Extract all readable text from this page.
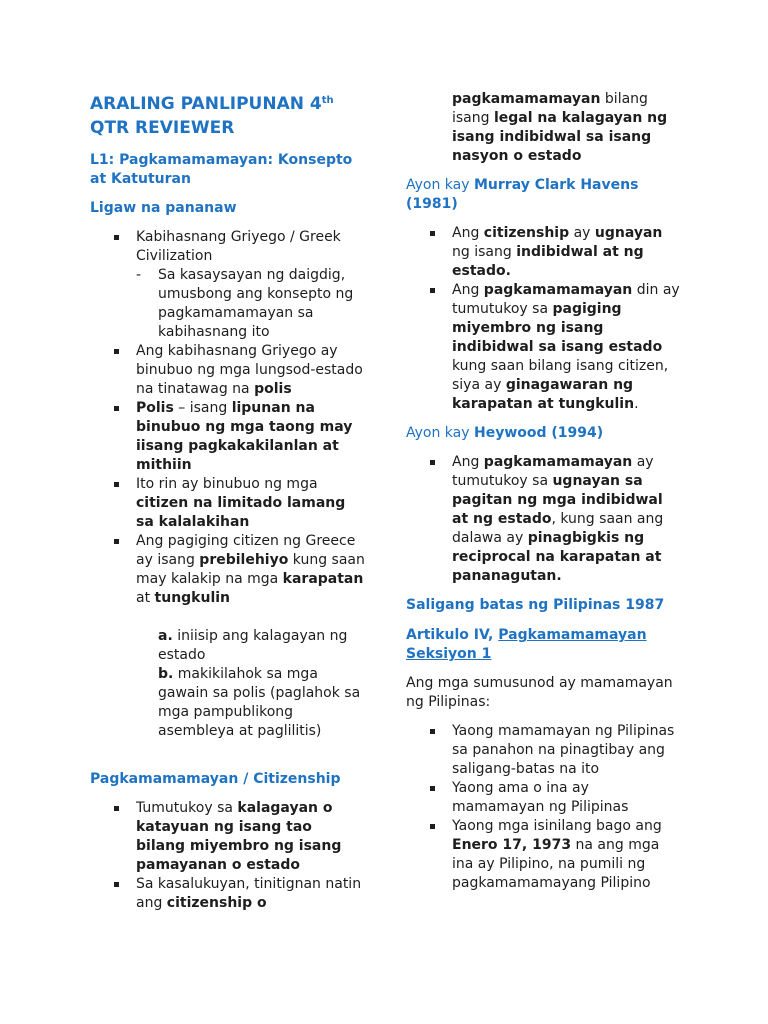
ARALING PANLIPUNAN 4th
QTR REVIEWER
L1: Pagkamamamayan: Konsepto
at Katuturan
Ligaw na pananaw
Kabihasnang Griyego / Greek
Civilization
- Sa kasaysayan ng daigdig,
umusbong ang konsepto ng
pagkamamamayan sa
kabihasnang ito
Ang kabihasnang Griyego ay
binubuo ng mga lungsod-estado
na tinatawag na polis
Polis – isang lipunan na
binubuo ng mga taong may
iisang pagkakakilanlan at
mithiin
Ito rin ay binubuo ng mga
citizen na limitado lamang
sa kalalakihan
Ang pagiging citizen ng Greece
ay isang prebilehiyo kung saan
may kalakip na mga karapatan
at tungkulin

a. iniisip ang kalagayan ng
estado

b. makikilahok sa mga
gawain sa polis (paglahok sa
mga pampublikong
asembleya at paglilitis)

Pagkamamamayan / Citizenship
Tumutukoy sa kalagayan o
katayuan ng isang tao
bilang miyembro ng isang
pamayanan o estado
Sa kasalukuyan, tinitignan natin
ang citizenship o

pagkamamamayan bilang
isang legal na kalagayan ng
isang indibidwal sa isang
nasyon o estado

Ayon kay Murray Clark Havens
(1981)

Ang citizenship ay ugnayan
ng isang indibidwal at ng
estado.
Ang pagkamamamayan din ay
tumutukoy sa pagiging
miyembro ng isang
indibidwal sa isang estado
kung saan bilang isang citizen,
siya ay ginagawaran ng
karapatan at tungkulin.

Ayon kay Heywood (1994)

Ang pagkamamamayan ay
tumutukoy sa ugnayan sa
pagitan ng mga indibidwal
at ng estado, kung saan ang
dalawa ay pinagbigkis ng
reciprocal na karapatan at
pananagutan.
Saligang batas ng Pilipinas 1987

Artikulo IV, Pagkamamamayan
Seksiyon 1

Ang mga sumusunod ay mamamayan
ng Pilipinas:

Yaong mamamayan ng Pilipinas
sa panahon na pinagtibay ang
saligang-batas na ito
Yaong ama o ina ay
mamamayan ng Pilipinas
Yaong mga isinilang bago ang
Enero 17, 1973 na ang mga
ina ay Pilipino, na pumili ng
pagkamamamayang Pilipino
